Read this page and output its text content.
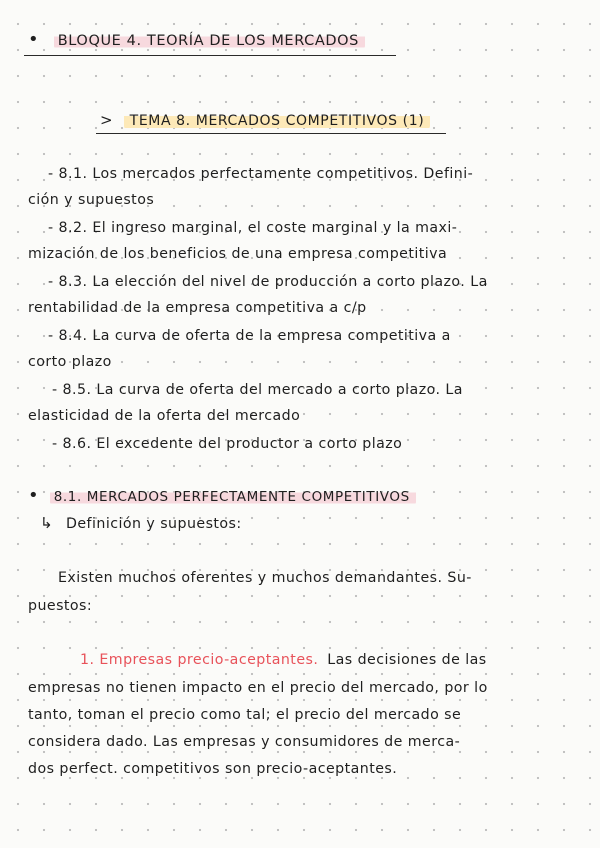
• BLOQUE 4. TEORÍA DE LOS MERCADOS
> TEMA 8. MERCADOS COMPETITIVOS (1)
- 8.1. Los mercados perfectamente competitivos. Defini-
ción y supuestos
- 8.2. El ingreso marginal, el coste marginal y la maxi-
mización de los beneficios de una empresa competitiva
- 8.3. La elección del nivel de producción a corto plazo. La
rentabilidad de la empresa competitiva a c/p
- 8.4. La curva de oferta de la empresa competitiva a
corto plazo
- 8.5. La curva de oferta del mercado a corto plazo. La
elasticidad de la oferta del mercado
- 8.6. El excedente del productor a corto plazo
• 8.1. MERCADOS PERFECTAMENTE COMPETITIVOS
↳ Definición y supuestos:
Existen muchos oferentes y muchos demandantes. Su-
puestos:
1. Empresas precio-aceptantes. Las decisiones de las
empresas no tienen impacto en el precio del mercado, por lo
tanto, toman el precio como tal; el precio del mercado se
considera dado. Las empresas y consumidores de merca-
dos perfect. competitivos son precio-aceptantes.
